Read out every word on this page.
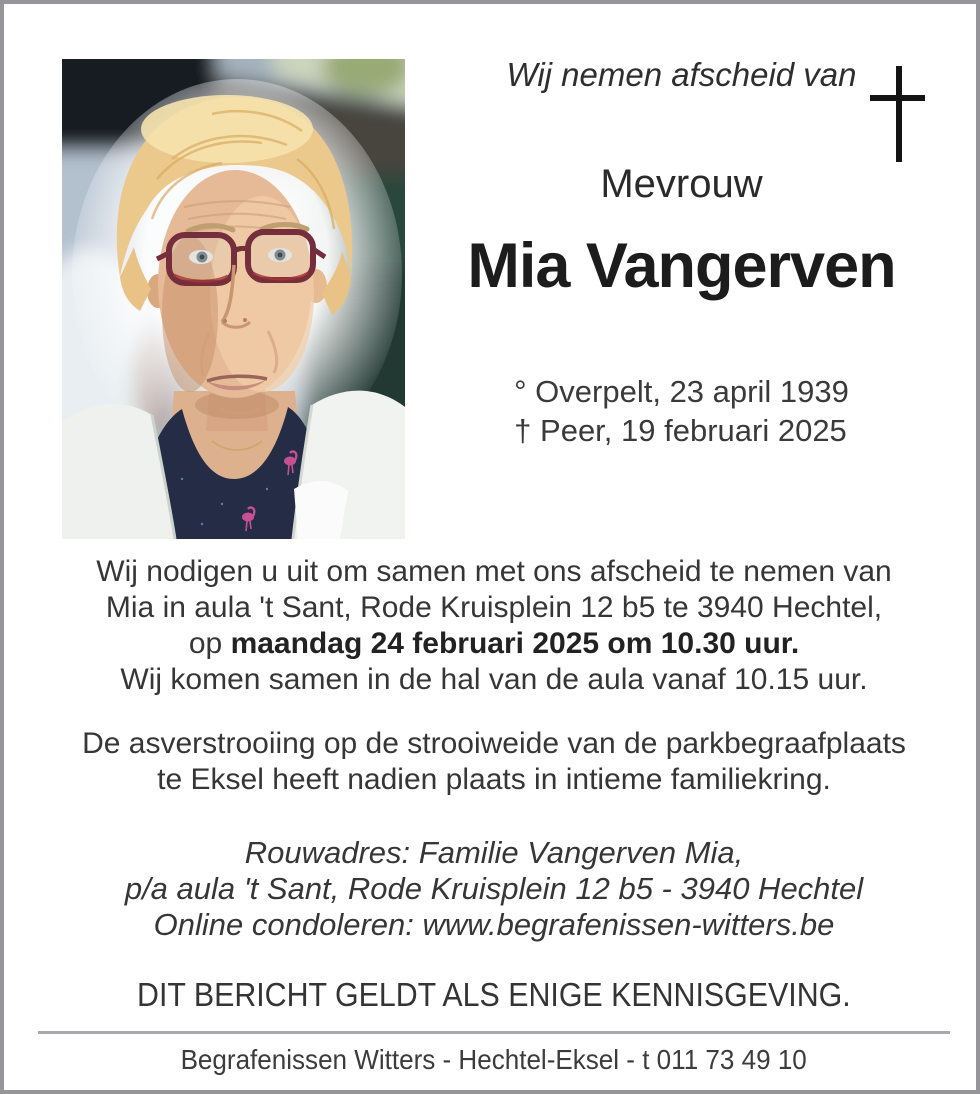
Wij nemen afscheid van
Mevrouw
Mia Vangerven
° Overpelt, 23 april 1939
† Peer, 19 februari 2025
Wij nodigen u uit om samen met ons afscheid te nemen van
Mia in aula 't Sant, Rode Kruisplein 12 b5 te 3940 Hechtel,
op maandag 24 februari 2025 om 10.30 uur.
Wij komen samen in de hal van de aula vanaf 10.15 uur.
De asverstrooiing op de strooiweide van de parkbegraafplaats
te Eksel heeft nadien plaats in intieme familiekring.
Rouwadres: Familie Vangerven Mia,
p/a aula 't Sant, Rode Kruisplein 12 b5 - 3940 Hechtel
Online condoleren: www.begrafenissen-witters.be
DIT BERICHT GELDT ALS ENIGE KENNISGEVING.
Begrafenissen Witters - Hechtel-Eksel - t 011 73 49 10
